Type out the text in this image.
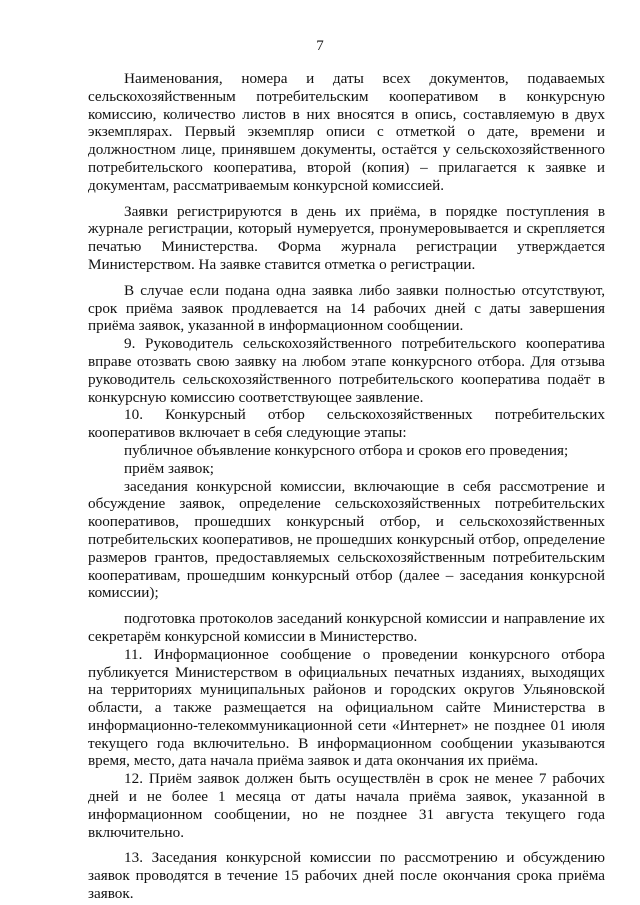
7

Наименования, номера и даты всех документов, подаваемых сельскохозяйственным потребительским кооперативом в конкурсную комиссию, количество листов в них вносятся в опись, составляемую в двух экземплярах. Первый экземпляр описи с отметкой о дате, времени и должностном лице, принявшем документы, остаётся у сельскохозяйственного потребительского кооператива, второй (копия) – прилагается к заявке и документам, рассматриваемым конкурсной комиссией.

Заявки регистрируются в день их приёма, в порядке поступления в журнале регистрации, который нумеруется, пронумеровывается и скрепляется печатью Министерства. Форма журнала регистрации утверждается Министерством. На заявке ставится отметка о регистрации.

В случае если подана одна заявка либо заявки полностью отсутствуют, срок приёма заявок продлевается на 14 рабочих дней с даты завершения приёма заявок, указанной в информационном сообщении.

9. Руководитель сельскохозяйственного потребительского кооператива вправе отозвать свою заявку на любом этапе конкурсного отбора. Для отзыва руководитель сельскохозяйственного потребительского кооператива подаёт в конкурсную комиссию соответствующее заявление.

10. Конкурсный отбор сельскохозяйственных потребительских кооперативов включает в себя следующие этапы:

публичное объявление конкурсного отбора и сроков его проведения;

приём заявок;

заседания конкурсной комиссии, включающие в себя рассмотрение и обсуждение заявок, определение сельскохозяйственных потребительских кооперативов, прошедших конкурсный отбор, и сельскохозяйственных потребительских кооперативов, не прошедших конкурсный отбор, определение размеров грантов, предоставляемых сельскохозяйственным потребительским кооперативам, прошедшим конкурсный отбор (далее – заседания конкурсной комиссии);

подготовка протоколов заседаний конкурсной комиссии и направление их секретарём конкурсной комиссии в Министерство.

11. Информационное сообщение о проведении конкурсного отбора публикуется Министерством в официальных печатных изданиях, выходящих на территориях муниципальных районов и городских округов Ульяновской области, а также размещается на официальном сайте Министерства в информационно-телекоммуникационной сети «Интернет» не позднее 01 июля текущего года включительно. В информационном сообщении указываются время, место, дата начала приёма заявок и дата окончания их приёма.

12. Приём заявок должен быть осуществлён в срок не менее 7 рабочих дней и не более 1 месяца от даты начала приёма заявок, указанной в информационном сообщении, но не позднее 31 августа текущего года включительно.

13. Заседания конкурсной комиссии по рассмотрению и обсуждению заявок проводятся в течение 15 рабочих дней после окончания срока приёма заявок.
